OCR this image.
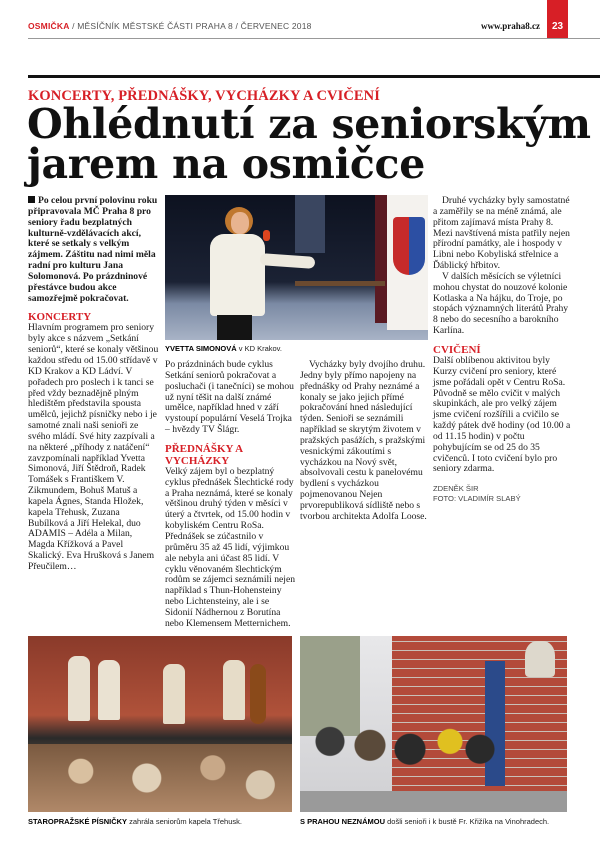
OSMIČKA / MĚSÍČNÍK MĚSTSKÉ ČÁSTI PRAHA 8 / ČERVENEC 2018	www.praha8.cz	23
KONCERTY, PŘEDNÁŠKY, VYCHÁZKY A CVIČENÍ
Ohlédnutí za seniorským
jarem na osmičce

Po celou první polovinu roku připravovala MČ Praha 8 pro seniory řadu bezplatných kulturně-vzdělávacích akcí, které se setkaly s velkým zájmem. Záštitu nad nimi měla radní pro kulturu Jana Solomonová. Po prázdninové přestávce budou akce samozřejmě pokračovat.

KONCERTY

Hlavním programem pro seniory byly akce s názvem „Setkání seniorů“, které se konaly většinou každou středu od 15.00 střídavě v KD Krakov a KD Ládví. V pořadech pro poslech i k tanci se před vždy beznadějně plným hledištěm představila spousta umělců, jejichž písničky nebo i je samotné znali naši senioři ze svého mládí. Své hity zazpívali a na některé „příhody z natáčení“ zavzpomínali například Yvetta Simonová, Jiří Štědroň, Radek Tomášek s Františkem V. Zikmundem, Bohuš Matuš a kapela Ágnes, Standa Hložek, kapela Třehusk, Zuzana Bubílková a Jiří Helekal, duo ADAMIS – Adéla a Milan, Magda Křížková a Pavel Skalický. Eva Hrušková s Janem Přeučilem…

YVETTA SIMONOVÁ v KD Krakov.

Po prázdninách bude cyklus Setkání seniorů pokračovat a posluchači (i tanečníci) se mohou už nyní těšit na další známé umělce, například hned v září vystoupí populární Veselá Trojka – hvězdy TV Šlágr.

PŘEDNÁŠKY A VYCHÁZKY

Velký zájem byl o bezplatný cyklus přednášek Šlechtické rody a Praha neznámá, které se konaly většinou druhý týden v měsíci v úterý a čtvrtek, od 15.00 hodin v kobyliském Centru RoSa. Přednášek se zúčastnilo v průměru 35 až 45 lidí, výjimkou ale nebyla ani účast 85 lidí. V cyklu věnovaném šlechtickým rodům se zájemci seznámili nejen například s Thun-Hohensteiny nebo Lichtensteiny, ale i se Sidonií Nádhernou z Borutína nebo Klemensem Metternichem.

Vycházky byly dvojího druhu. Jedny byly přímo napojeny na přednášky od Prahy neznámé a konaly se jako jejich přímé pokračování hned následující týden. Senioři se seznámili například se skrytým životem v pražských pasážích, s pražskými vesnickými zákoutími s vycházkou na Nový svět, absolvovali cestu k panelovému bydlení s vycházkou pojmenovanou Nejen prvorepubliková sídliště nebo s tvorbou architekta Adolfa Loose.

Druhé vycházky byly samostatné a zaměřily se na méně známá, ale přitom zajímavá místa Prahy 8. Mezi navštívená místa patřily nejen přírodní památky, ale i hospody v Libni nebo Kobyliská střelnice a Ďáblický hřbitov.

V dalších měsících se výletníci mohou chystat do nouzové kolonie Kotlaska a Na hájku, do Troje, po stopách významných literátů Prahy 8 nebo do secesního a barokního Karlína.

CVIČENÍ

Další oblíbenou aktivitou byly Kurzy cvičení pro seniory, které jsme pořádali opět v Centru RoSa. Původně se mělo cvičit v malých skupinkách, ale pro velký zájem jsme cvičení rozšířili a cvičilo se každý pátek dvě hodiny (od 10.00 a od 11.15 hodin) v počtu pohybujícím se od 25 do 35 cvičenců. I toto cvičení bylo pro seniory zdarma.

ZDENĚK ŠIR
FOTO: VLADIMÍR SLABÝ
STAROPRAŽSKÉ PÍSNIČKY zahrála seniorům kapela Třehusk.	S PRAHOU NEZNÁMOU došli senioři i k bustě Fr. Křižíka na Vinohradech.
